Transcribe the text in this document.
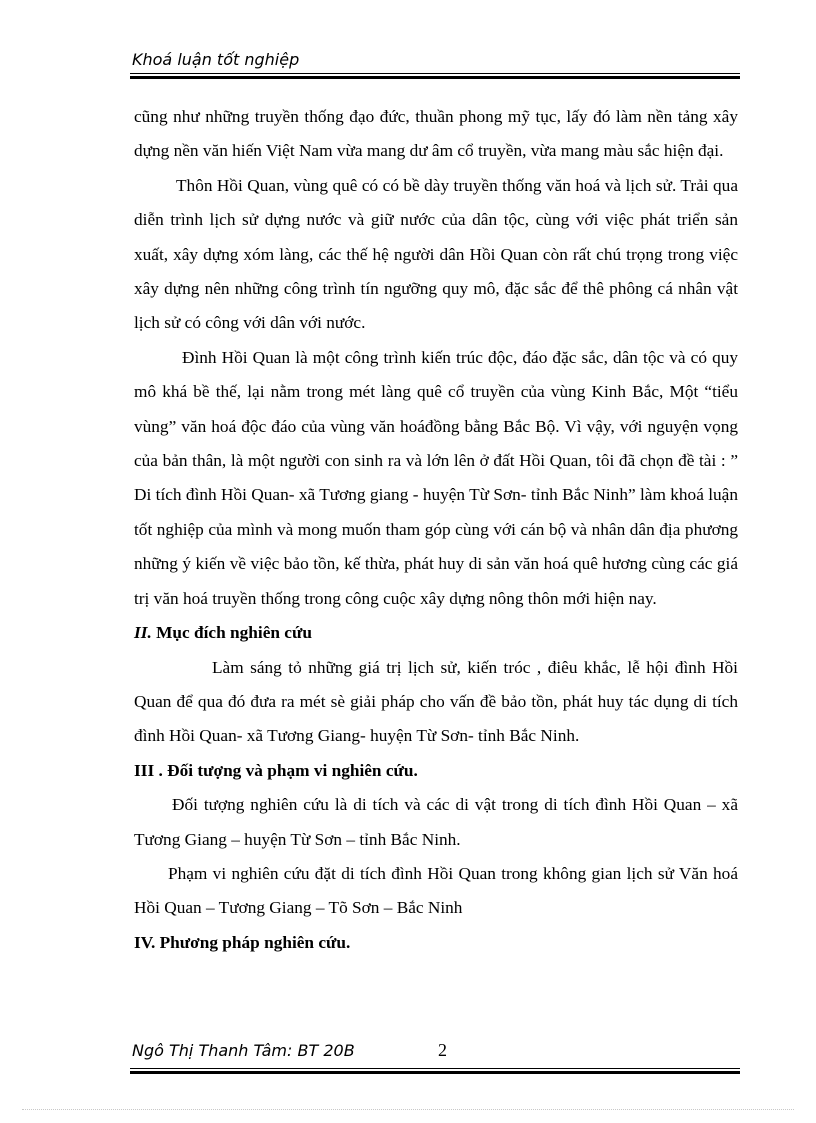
Khoá luận tốt nghiệp

cũng như những truyền thống đạo đức, thuần phong mỹ tục, lấy đó làm nền tảng xây dựng nền văn hiến Việt Nam vừa mang dư âm cổ truyền, vừa mang màu sắc hiện đại.

Thôn Hồi Quan, vùng quê có có bề dày truyền thống văn hoá và lịch sử. Trải qua diễn trình lịch sử dựng nước và giữ nước của dân tộc, cùng với việc phát triển sản xuất, xây dựng xóm làng, các thế hệ người dân Hồi Quan còn rất chú trọng trong việc xây dựng nên những công trình tín ngưỡng quy mô, đặc sắc để thê phông cá nhân vật lịch sử có công với dân với nước.

Đình Hồi Quan là một công trình kiến trúc độc, đáo đặc sắc, dân tộc và có quy mô khá bề thế, lại nằm trong mét làng quê cổ truyền của vùng Kinh Bắc, Một “tiểu vùng” văn hoá độc đáo của vùng văn hoáđồng bằng Bắc Bộ. Vì vậy, với nguyện vọng của bản thân, là một người con sinh ra và lớn lên ở đất Hồi Quan, tôi đã chọn đề tài : ” Di tích đình Hồi Quan- xã Tương giang - huyện Từ Sơn- tỉnh Bắc Ninh” làm khoá luận tốt nghiệp của mình và mong muốn tham góp cùng với cán bộ và nhân dân địa phương những ý kiến về việc bảo tồn, kế thừa, phát huy di sản văn hoá quê hương cùng các giá trị văn hoá truyền thống trong công cuộc xây dựng nông thôn mới hiện nay.

II. Mục đích nghiên cứu

Làm sáng tỏ những giá trị lịch sử, kiến tróc , điêu khắc, lễ hội đình Hồi Quan để qua đó đưa ra mét sè giải pháp cho vấn đề bảo tồn, phát huy tác dụng di tích đình Hồi Quan- xã Tương Giang- huyện Từ Sơn- tỉnh Bắc Ninh.

III . Đối tượng và phạm vi nghiên cứu.

Đối tượng nghiên cứu là di tích và các di vật trong di tích đình Hồi Quan – xã Tương Giang – huyện Từ Sơn – tỉnh Bắc Ninh.

Phạm vi nghiên cứu đặt di tích đình Hồi Quan trong không gian lịch sử Văn hoá Hồi Quan – Tương Giang – Tõ Sơn – Bắc Ninh

IV. Phương pháp nghiên cứu.

Ngô Thị Thanh Tâm: BT 20B	2
